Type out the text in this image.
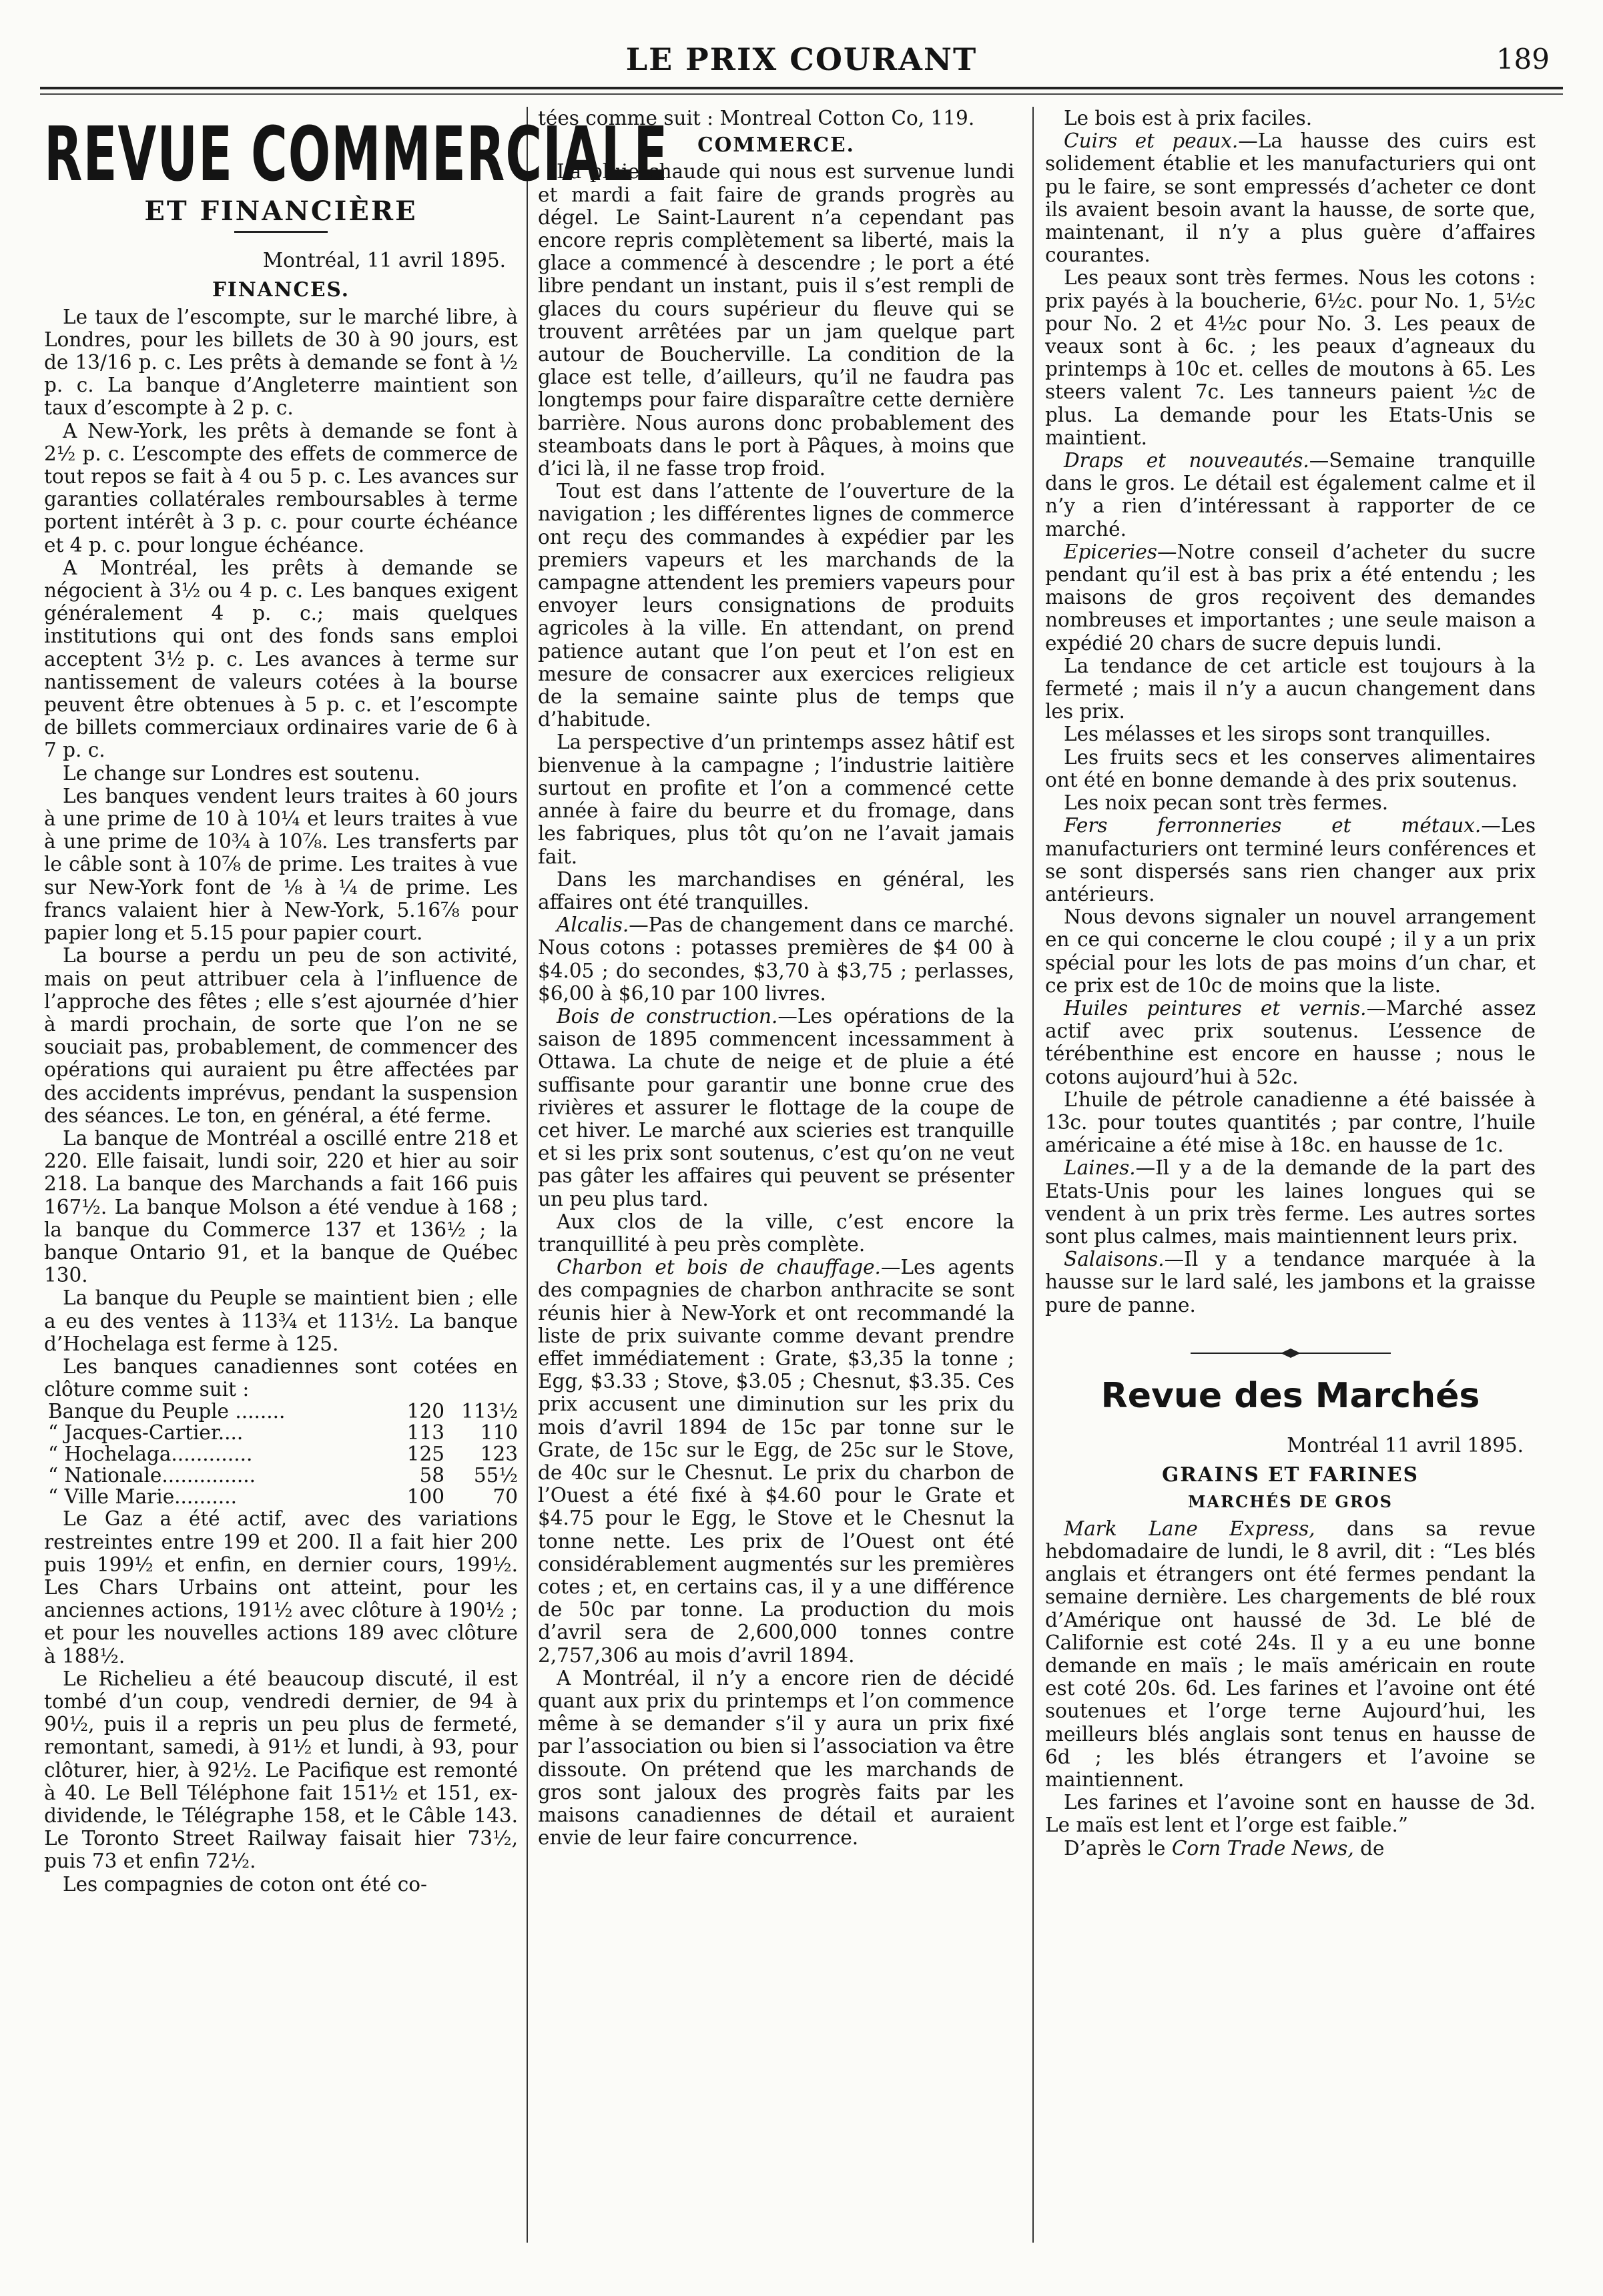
LE PRIX COURANT	189
REVUE COMMERCIALE
ET FINANCIÈRE
Montréal, 11 avril 1895.
FINANCES.

Le taux de l’escompte, sur le marché libre, à Londres, pour les billets de 30 à 90 jours, est de 13/16 p. c. Les prêts à demande se font à ½ p. c. La banque d’Angleterre maintient son taux d’escompte à 2 p. c.

A New-York, les prêts à demande se font à 2½ p. c. L’escompte des effets de commerce de tout repos se fait à 4 ou 5 p. c. Les avances sur garanties collatérales remboursables à terme portent intérêt à 3 p. c. pour courte échéance et 4 p. c. pour longue échéance.

A Montréal, les prêts à demande se négocient à 3½ ou 4 p. c. Les banques exigent généralement 4 p. c.; mais quelques institutions qui ont des fonds sans emploi acceptent 3½ p. c. Les avances à terme sur nantissement de valeurs cotées à la bourse peuvent être obtenues à 5 p. c. et l’escompte de billets commerciaux ordinaires varie de 6 à 7 p. c.

Le change sur Londres est soutenu.

Les banques vendent leurs traites à 60 jours à une prime de 10 à 10¼ et leurs traites à vue à une prime de 10¾ à 10⅞. Les transferts par le câble sont à 10⅞ de prime. Les traites à vue sur New-York font de ⅛ à ¼ de prime. Les francs valaient hier à New-York, 5.16⅞ pour papier long et 5.15 pour papier court.

La bourse a perdu un peu de son activité, mais on peut attribuer cela à l’influence de l’approche des fêtes ; elle s’est ajournée d’hier à mardi prochain, de sorte que l’on ne se souciait pas, probablement, de commencer des opérations qui auraient pu être affectées par des accidents imprévus, pendant la suspension des séances. Le ton, en général, a été ferme.

La banque de Montréal a oscillé entre 218 et 220. Elle faisait, lundi soir, 220 et hier au soir 218. La banque des Marchands a fait 166 puis 167½. La banque Molson a été vendue à 168 ; la banque du Commerce 137 et 136½ ; la banque Ontario 91, et la banque de Québec 130.

La banque du Peuple se maintient bien ; elle a eu des ventes à 113¾ et 113½. La banque d’Hochelaga est ferme à 125.

Les banques canadiennes sont cotées en clôture comme suit :

Banque du Peuple ........	120	113½
“ Jacques-Cartier....	113	110
“ Hochelaga.............	125	123
“ Nationale...............	58	55½
“ Ville Marie..........	100	70

Le Gaz a été actif, avec des variations restreintes entre 199 et 200. Il a fait hier 200 puis 199½ et enfin, en dernier cours, 199½. Les Chars Urbains ont atteint, pour les anciennes actions, 191½ avec clôture à 190½ ; et pour les nouvelles actions 189 avec clôture à 188½.

Le Richelieu a été beaucoup discuté, il est tombé d’un coup, vendredi dernier, de 94 à 90½, puis il a repris un peu plus de fermeté, remontant, samedi, à 91½ et lundi, à 93, pour clôturer, hier, à 92½. Le Pacifique est remonté à 40. Le Bell Téléphone fait 151½ et 151, ex-dividende, le Télégraphe 158, et le Câble 143. Le Toronto Street Railway faisait hier 73½, puis 73 et enfin 72½.

Les compagnies de coton ont été co-

tées comme suit : Montreal Cotton Co, 119.

COMMERCE.

La pluie chaude qui nous est survenue lundi et mardi a fait faire de grands progrès au dégel. Le Saint-Laurent n’a cependant pas encore repris complètement sa liberté, mais la glace a commencé à descendre ; le port a été libre pendant un instant, puis il s’est rempli de glaces du cours supérieur du fleuve qui se trouvent arrêtées par un jam quelque part autour de Boucherville. La condition de la glace est telle, d’ailleurs, qu’il ne faudra pas longtemps pour faire disparaître cette dernière barrière. Nous aurons donc probablement des steamboats dans le port à Pâques, à moins que d’ici là, il ne fasse trop froid.

Tout est dans l’attente de l’ouverture de la navigation ; les différentes lignes de commerce ont reçu des commandes à expédier par les premiers vapeurs et les marchands de la campagne attendent les premiers vapeurs pour envoyer leurs consignations de produits agricoles à la ville. En attendant, on prend patience autant que l’on peut et l’on est en mesure de consacrer aux exercices religieux de la semaine sainte plus de temps que d’habitude.

La perspective d’un printemps assez hâtif est bienvenue à la campagne ; l’industrie laitière surtout en profite et l’on a commencé cette année à faire du beurre et du fromage, dans les fabriques, plus tôt qu’on ne l’avait jamais fait.

Dans les marchandises en général, les affaires ont été tranquilles.

Alcalis.—Pas de changement dans ce marché. Nous cotons : potasses premières de $4 00 à $4.05 ; do secondes, $3,70 à $3,75 ; perlasses, $6,00 à $6,10 par 100 livres.

Bois de construction.—Les opérations de la saison de 1895 commencent incessamment à Ottawa. La chute de neige et de pluie a été suffisante pour garantir une bonne crue des rivières et assurer le flottage de la coupe de cet hiver. Le marché aux scieries est tranquille et si les prix sont soutenus, c’est qu’on ne veut pas gâter les affaires qui peuvent se présenter un peu plus tard.

Aux clos de la ville, c’est encore la tranquillité à peu près complète.

Charbon et bois de chauffage.—Les agents des compagnies de charbon anthracite se sont réunis hier à New-York et ont recommandé la liste de prix suivante comme devant prendre effet immédiatement : Grate, $3,35 la tonne ; Egg, $3.33 ; Stove, $3.05 ; Chesnut, $3.35. Ces prix accusent une diminution sur les prix du mois d’avril 1894 de 15c par tonne sur le Grate, de 15c sur le Egg, de 25c sur le Stove, de 40c sur le Chesnut. Le prix du charbon de l’Ouest a été fixé à $4.60 pour le Grate et $4.75 pour le Egg, le Stove et le Chesnut la tonne nette. Les prix de l’Ouest ont été considérablement augmentés sur les premières cotes ; et, en certains cas, il y a une différence de 50c par tonne. La production du mois d’avril sera de 2,600,000 tonnes contre 2,757,306 au mois d’avril 1894.

A Montréal, il n’y a encore rien de décidé quant aux prix du printemps et l’on commence même à se demander s’il y aura un prix fixé par l’association ou bien si l’association va être dissoute. On prétend que les marchands de gros sont jaloux des progrès faits par les maisons canadiennes de détail et auraient envie de leur faire concurrence.

Le bois est à prix faciles.

Cuirs et peaux.—La hausse des cuirs est solidement établie et les manufacturiers qui ont pu le faire, se sont empressés d’acheter ce dont ils avaient besoin avant la hausse, de sorte que, maintenant, il n’y a plus guère d’affaires courantes.

Les peaux sont très fermes. Nous les cotons : prix payés à la boucherie, 6½c. pour No. 1, 5½c pour No. 2 et 4½c pour No. 3. Les peaux de veaux sont à 6c. ; les peaux d’agneaux du printemps à 10c et. celles de moutons à 65. Les steers valent 7c. Les tanneurs paient ½c de plus. La demande pour les Etats-Unis se maintient.

Draps et nouveautés.—Semaine tranquille dans le gros. Le détail est également calme et il n’y a rien d’intéressant à rapporter de ce marché.

Epiceries—Notre conseil d’acheter du sucre pendant qu’il est à bas prix a été entendu ; les maisons de gros reçoivent des demandes nombreuses et importantes ; une seule maison a expédié 20 chars de sucre depuis lundi.

La tendance de cet article est toujours à la fermeté ; mais il n’y a aucun changement dans les prix.

Les mélasses et les sirops sont tranquilles.

Les fruits secs et les conserves alimentaires ont été en bonne demande à des prix soutenus.

Les noix pecan sont très fermes.

Fers ferronneries et métaux.—Les manufacturiers ont terminé leurs conférences et se sont dispersés sans rien changer aux prix antérieurs.

Nous devons signaler un nouvel arrangement en ce qui concerne le clou coupé ; il y a un prix spécial pour les lots de pas moins d’un char, et ce prix est de 10c de moins que la liste.

Huiles peintures et vernis.—Marché assez actif avec prix soutenus. L’essence de térébenthine est encore en hausse ; nous le cotons aujourd’hui à 52c.

L’huile de pétrole canadienne a été baissée à 13c. pour toutes quantités ; par contre, l’huile américaine a été mise à 18c. en hausse de 1c.

Laines.—Il y a de la demande de la part des Etats-Unis pour les laines longues qui se vendent à un prix très ferme. Les autres sortes sont plus calmes, mais maintiennent leurs prix.

Salaisons.—Il y a tendance marquée à la hausse sur le lard salé, les jambons et la graisse pure de panne.

Revue des Marchés
Montréal 11 avril 1895.
GRAINS ET FARINES
MARCHÉS DE GROS

Mark Lane Express, dans sa revue hebdomadaire de lundi, le 8 avril, dit : “Les blés anglais et étrangers ont été fermes pendant la semaine dernière. Les chargements de blé roux d’Amérique ont haussé de 3d. Le blé de Californie est coté 24s. Il y a eu une bonne demande en maïs ; le maïs américain en route est coté 20s. 6d. Les farines et l’avoine ont été soutenues et l’orge terne Aujourd’hui, les meilleurs blés anglais sont tenus en hausse de 6d ; les blés étrangers et l’avoine se maintiennent.

Les farines et l’avoine sont en hausse de 3d. Le maïs est lent et l’orge est faible.”

D’après le Corn Trade News, de
